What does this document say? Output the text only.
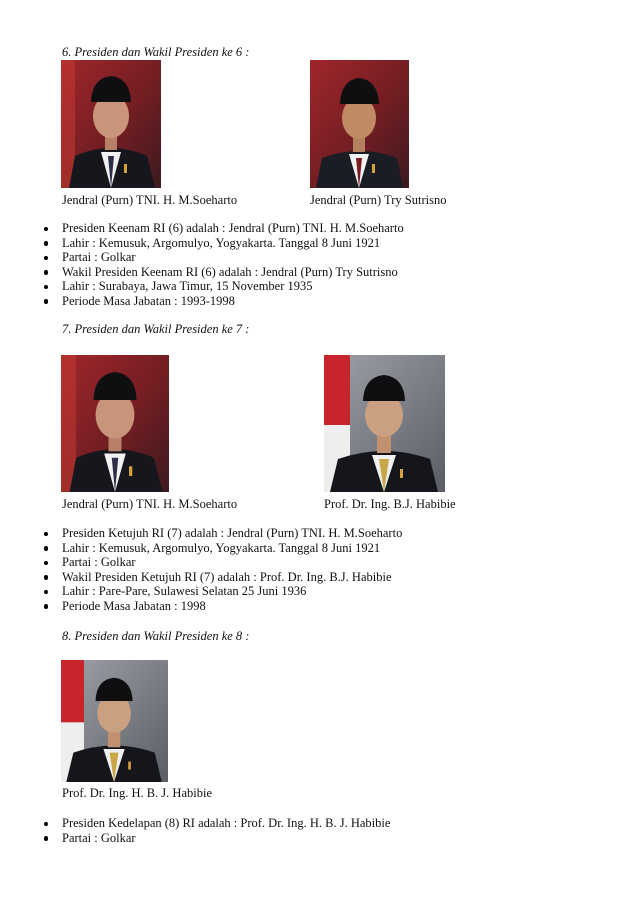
6. Presiden dan Wakil Presiden ke 6 :
Jendral (Purn) TNI. H. M.Soeharto	Jendral (Purn) Try Sutrisno
Presiden Keenam RI (6) adalah : Jendral (Purn) TNI. H. M.Soeharto
Lahir : Kemusuk, Argomulyo, Yogyakarta. Tanggal 8 Juni 1921
Partai : Golkar
Wakil Presiden Keenam RI (6) adalah : Jendral (Purn) Try Sutrisno
Lahir : Surabaya, Jawa Timur, 15 November 1935
Periode Masa Jabatan : 1993-1998
7. Presiden dan Wakil Presiden ke 7 :
Jendral (Purn) TNI. H. M.Soeharto	Prof. Dr. Ing. B.J. Habibie
Presiden Ketujuh RI (7) adalah : Jendral (Purn) TNI. H. M.Soeharto
Lahir : Kemusuk, Argomulyo, Yogyakarta. Tanggal 8 Juni 1921
Partai : Golkar
Wakil Presiden Ketujuh RI (7) adalah : Prof. Dr. Ing. B.J. Habibie
Lahir : Pare-Pare, Sulawesi Selatan 25 Juni 1936
Periode Masa Jabatan : 1998
8. Presiden dan Wakil Presiden ke 8 :
Prof. Dr. Ing. H. B. J. Habibie
Presiden Kedelapan (8) RI adalah : Prof. Dr. Ing. H. B. J. Habibie
Partai : Golkar
